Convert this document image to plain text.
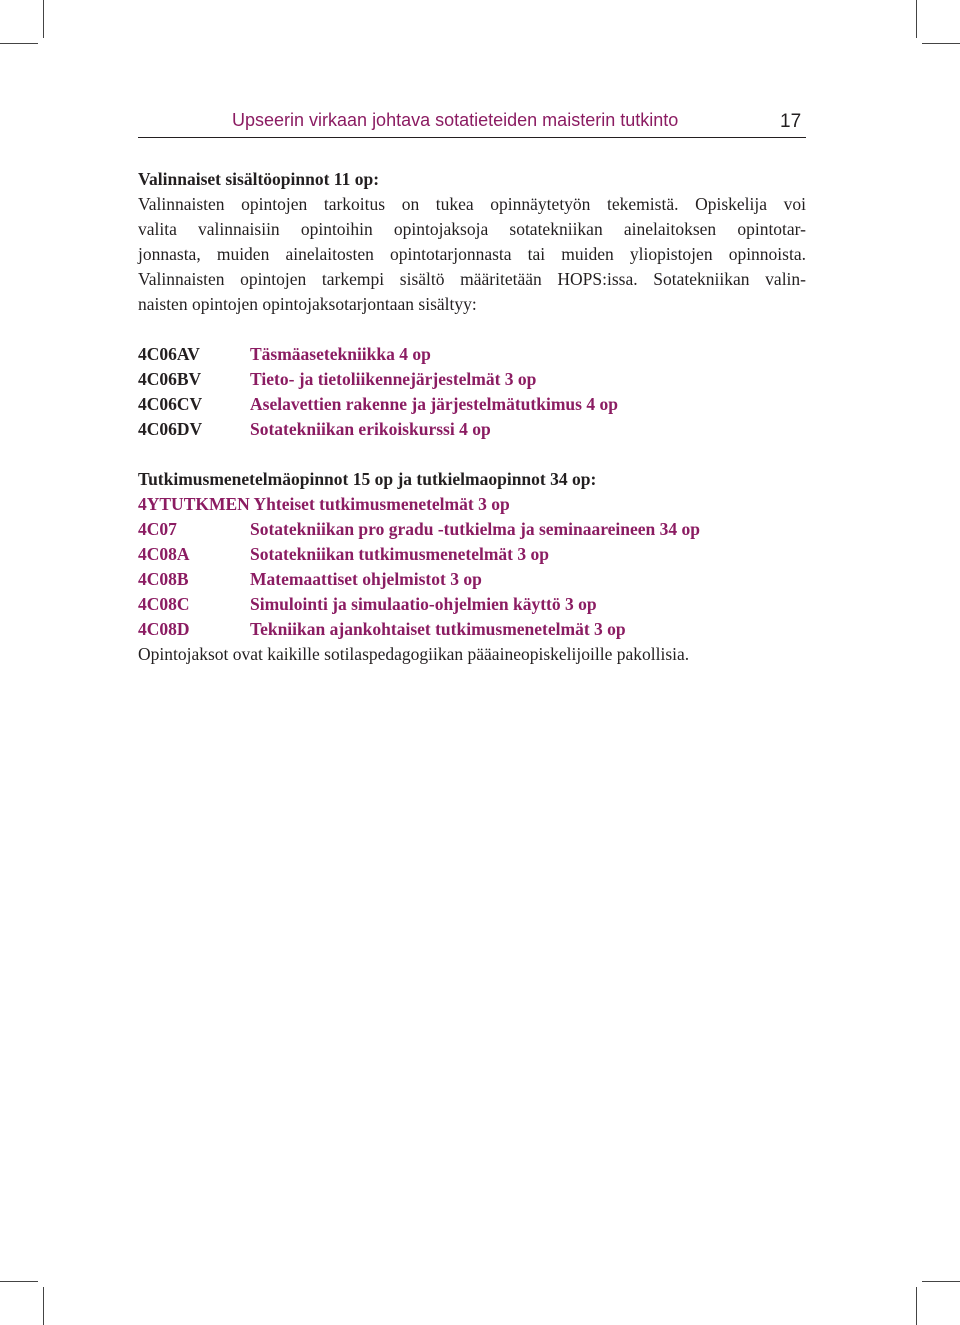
Upseerin virkaan johtava sotatieteiden maisterin tutkinto	17
Valinnaiset sisältöopinnot 11 op:
Valinnaisten opintojen tarkoitus on tukea opinnäytetyön tekemistä. Opiskelija voi
valita valinnaisiin opintoihin opintojaksoja sotatekniikan ainelaitoksen opintotar-
jonnasta, muiden ainelaitosten opintotarjonnasta tai muiden yliopistojen opinnoista.
Valinnaisten opintojen tarkempi sisältö määritetään HOPS:issa. Sotatekniikan valin-
naisten opintojen opintojaksotarjontaan sisältyy:
4C06AV	Täsmäasetekniikka 4 op
4C06BV	Tieto- ja tietoliikennejärjestelmät 3 op
4C06CV	Aselavettien rakenne ja järjestelmätutkimus 4 op
4C06DV	Sotatekniikan erikoiskurssi 4 op
Tutkimusmenetelmäopinnot 15 op ja tutkielmaopinnot 34 op:
4YTUTKMEN Yhteiset tutkimusmenetelmät 3 op
4C07	Sotatekniikan pro gradu -tutkielma ja seminaareineen 34 op
4C08A	Sotatekniikan tutkimusmenetelmät 3 op
4C08B	Matemaattiset ohjelmistot 3 op
4C08C	Simulointi ja simulaatio-ohjelmien käyttö 3 op
4C08D	Tekniikan ajankohtaiset tutkimusmenetelmät 3 op
Opintojaksot ovat kaikille sotilaspedagogiikan pääaineopiskelijoille pakollisia.
